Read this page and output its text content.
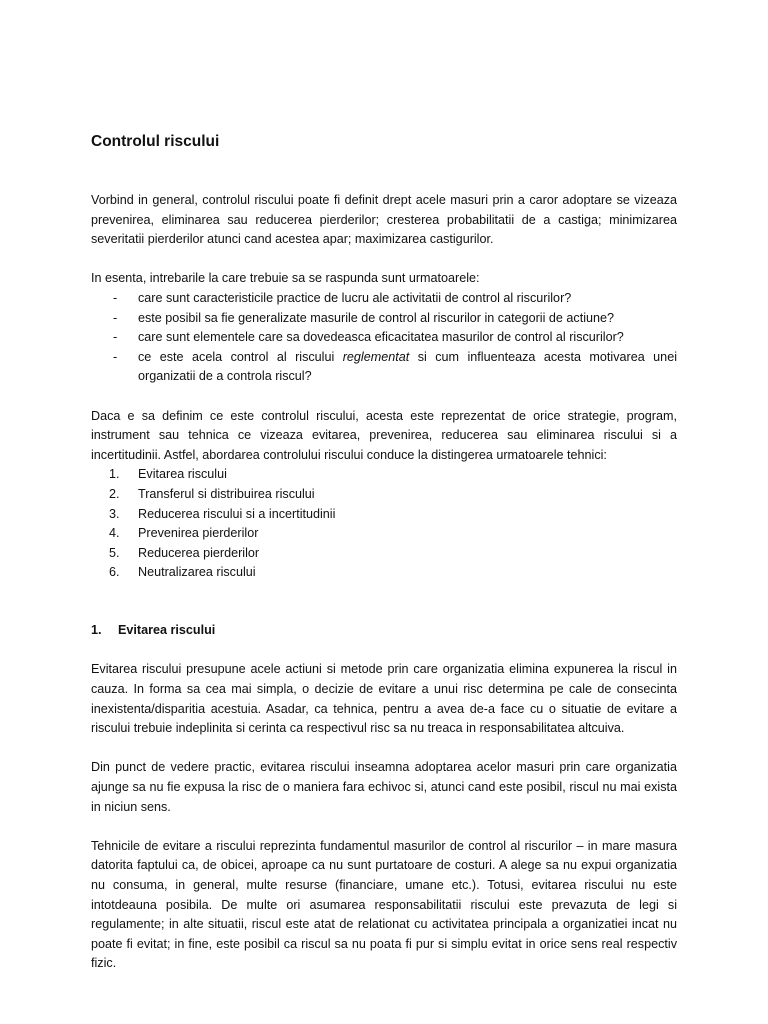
Controlul riscului

Vorbind in general, controlul riscului poate fi definit drept acele masuri prin a caror adoptare se vizeaza prevenirea, eliminarea sau reducerea pierderilor; cresterea probabilitatii de a castiga; minimizarea severitatii pierderilor atunci cand acestea apar; maximizarea castigurilor.

In esenta, intrebarile la care trebuie sa se raspunda sunt urmatoarele:

- care sunt caracteristicile practice de lucru ale activitatii de control al riscurilor?
- este posibil sa fie generalizate masurile de control al riscurilor in categorii de actiune?
- care sunt elementele care sa dovedeasca eficacitatea masurilor de control al riscurilor?
- ce este acela control al riscului reglementat si cum influenteaza acesta motivarea unei organizatii de a controla riscul?

Daca e sa definim ce este controlul riscului, acesta este reprezentat de orice strategie, program, instrument sau tehnica ce vizeaza evitarea, prevenirea, reducerea sau eliminarea riscului si a incertitudinii. Astfel, abordarea controlului riscului conduce la distingerea urmatoarele tehnici:

1. Evitarea riscului
2. Transferul si distribuirea riscului
3. Reducerea riscului si a incertitudinii
4. Prevenirea pierderilor
5. Reducerea pierderilor
6. Neutralizarea riscului
1. Evitarea riscului

Evitarea riscului presupune acele actiuni si metode prin care organizatia elimina expunerea la riscul in cauza. In forma sa cea mai simpla, o decizie de evitare a unui risc determina pe cale de consecinta inexistenta/disparitia acestuia. Asadar, ca tehnica, pentru a avea de-a face cu o situatie de evitare a riscului trebuie indeplinita si cerinta ca respectivul risc sa nu treaca in responsabilitatea altcuiva.

Din punct de vedere practic, evitarea riscului inseamna adoptarea acelor masuri prin care organizatia ajunge sa nu fie expusa la risc de o maniera fara echivoc si, atunci cand este posibil, riscul nu mai exista in niciun sens.

Tehnicile de evitare a riscului reprezinta fundamentul masurilor de control al riscurilor – in mare masura datorita faptului ca, de obicei, aproape ca nu sunt purtatoare de costuri. A alege sa nu expui organizatia nu consuma, in general, multe resurse (financiare, umane etc.). Totusi, evitarea riscului nu este intotdeauna posibila. De multe ori asumarea responsabilitatii riscului este prevazuta de legi si regulamente; in alte situatii, riscul este atat de relationat cu activitatea principala a organizatiei incat nu poate fi evitat; in fine, este posibil ca riscul sa nu poata fi pur si simplu evitat in orice sens real respectiv fizic.
